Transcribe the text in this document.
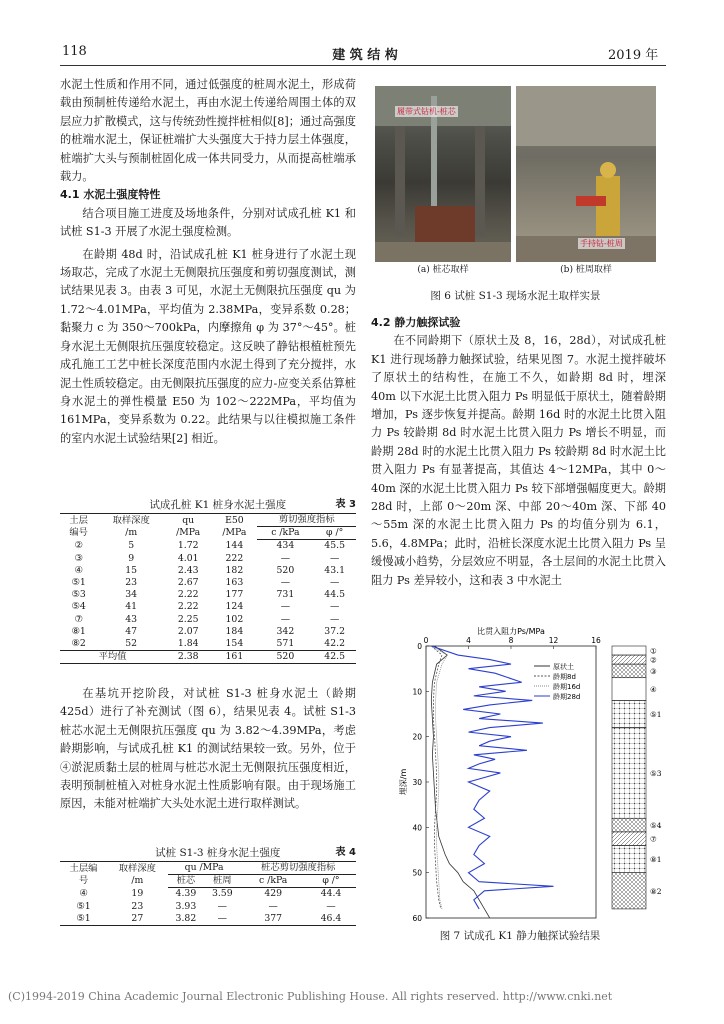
118	建 筑 结 构	2019 年

水泥土性质和作用不同，通过低强度的桩周水泥土，形成荷载由预制桩传递给水泥土，再由水泥土传递给周围土体的双层应力扩散模式，这与传统劲性搅拌桩相似[8]；通过高强度的桩端水泥土，保证桩端扩大头强度大于持力层土体强度，桩端扩大头与预制桩固化成一体共同受力，从而提高桩端承载力。

4.1 水泥土强度特性

结合项目施工进度及场地条件，分别对试成孔桩 K1 和试桩 S1-3 开展了水泥土强度检测。

在龄期 48d 时，沿试成孔桩 K1 桩身进行了水泥土现场取芯，完成了水泥土无侧限抗压强度和剪切强度测试，测试结果见表 3。由表 3 可见，水泥土无侧限抗压强度 qu 为 1.72～4.01MPa，平均值为 2.38MPa，变异系数 0.28；黏聚力 c 为 350～700kPa，内摩擦角 φ 为 37°～45°。桩身水泥土无侧限抗压强度较稳定。这反映了静钻根植桩预先成孔施工工艺中桩长深度范围内水泥土得到了充分搅拌，水泥土性质较稳定。由无侧限抗压强度的应力-应变关系估算桩身水泥土的弹性模量 E50 为 102～222MPa，平均值为 161MPa，变异系数为 0.22。此结果与以往模拟施工条件的室内水泥土试验结果[2] 相近。

试成孔桩 K1 桩身水泥土强度	表 3
土层
编号	取样深度
/m	qu
/MPa	E50
/MPa	剪切强度指标	
				c /kPa	φ /°
②	5	1.72	144	434	45.5
③	9	4.01	222	—	—
④	15	2.43	182	520	43.1
⑤1	23	2.67	163	—	—
⑤3	34	2.22	177	731	44.5
⑤4	41	2.22	124	—	—
⑦	43	2.25	102	—	—
⑧1	47	2.07	184	342	37.2
⑧2	52	1.84	154	571	42.2
平均值		2.38	161	520	42.5

在基坑开挖阶段，对试桩 S1-3 桩身水泥土（龄期 425d）进行了补充测试（图 6），结果见表 4。试桩 S1-3 桩芯水泥土无侧限抗压强度 qu 为 3.82～4.39MPa，考虑龄期影响，与试成孔桩 K1 的测试结果较一致。另外，位于④淤泥质黏土层的桩周与桩芯水泥土无侧限抗压强度相近，表明预制桩植入对桩身水泥土性质影响有限。由于现场施工原因，未能对桩端扩大头处水泥土进行取样测试。

试桩 S1-3 桩身水泥土强度	表 4
土层编
号	取样深度
/m	qu /MPa		桩芯剪切强度指标	
		桩芯	桩周	c /kPa	φ /°
④	19	4.39	3.59	429	44.4
⑤1	23	3.93	—	—	—
⑤1	27	3.82	—	377	46.4
履带式钻机-桩芯
手持钻-桩周
(a) 桩芯取样	(b) 桩周取样
图 6 试桩 S1-3 现场水泥土取样实景

4.2 静力触探试验

在不同龄期下（原状土及 8，16，28d），对试成孔桩 K1 进行现场静力触探试验，结果见图 7。水泥土搅拌破坏了原状土的结构性，在施工不久，如龄期 8d 时，埋深 40m 以下水泥土比贯入阻力 Ps 明显低于原状土，随着龄期增加，Ps 逐步恢复并提高。龄期 16d 时的水泥土比贯入阻力 Ps 较龄期 8d 时水泥土比贯入阻力 Ps 增长不明显，而龄期 28d 时的水泥土比贯入阻力 Ps 较龄期 8d 时水泥土比贯入阻力 Ps 有显著提高，其值达 4～12MPa，其中 0～40m 深的水泥土比贯入阻力 Ps 较下部增强幅度更大。龄期 28d 时，上部 0～20m 深、中部 20～40m 深、下部 40～55m 深的水泥土比贯入阻力 Ps 的均值分别为 6.1，5.6，4.8MPa；此时，沿桩长深度水泥土比贯入阻力 Ps 呈缓慢减小趋势，分层效应不明显，各土层间的水泥土比贯入阻力 Ps 差异较小，这和表 3 中水泥土

比贯入阻力Ps/MPa
0	4	8	12	16
0
10
20
30
40
50
60
埋深/m
原状土
龄期8d
龄期16d
龄期28d
①
②
③
④
⑤1
⑤3
⑤4
⑦
⑧1
⑧2
图 7 试成孔 K1 静力触探试验结果
(C)1994-2019 China Academic Journal Electronic Publishing House. All rights reserved. http://www.cnki.net
